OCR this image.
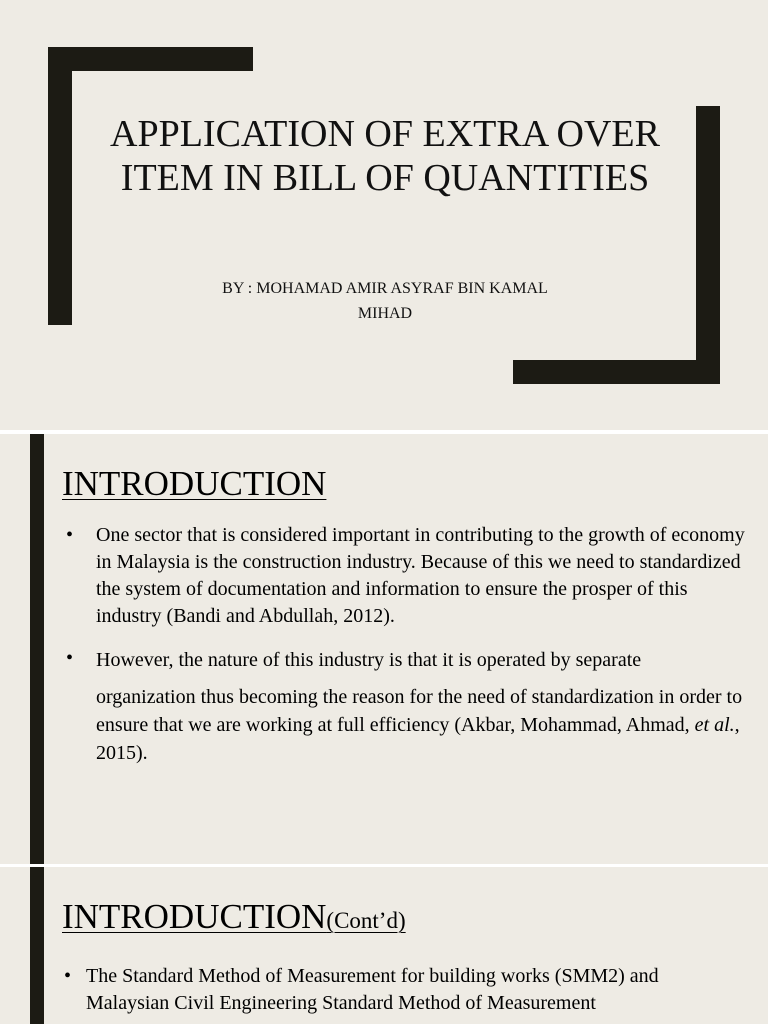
APPLICATION OF EXTRA OVER ITEM IN BILL OF QUANTITIES
BY : MOHAMAD AMIR ASYRAF BIN KAMAL
MIHAD
INTRODUCTION
• One sector that is considered important in contributing to the growth of economy in Malaysia is the construction industry. Because of this we need to standardized the system of documentation and information to ensure the prosper of this industry (Bandi and Abdullah, 2012).
• However, the nature of this industry is that it is operated by separate
organization thus becoming the reason for the need of standardization in order to ensure that we are working at full efficiency (Akbar, Mohammad, Ahmad, et al., 2015).
INTRODUCTION(Cont’d)
• The Standard Method of Measurement for building works (SMM2) and Malaysian Civil Engineering Standard Method of Measurement
